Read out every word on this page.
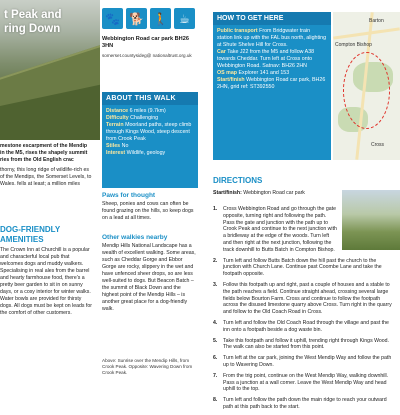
t Peak and
ring Down

mestone escarpment of the Mendip in the M5, rises the shapely summit ries from the Old English crac

thorny, this long ridge of wildlife-rich es of the Mendips, the Somerset Levels, to Wales. fells at least; a million miles

DOG-FRIENDLY AMENITIES
The Crown Inn at Churchill is a popular and characterful local pub that welcomes dogs and muddy walkers. Specialising in real ales from the barrel and hearty farmhouse food, there's a pretty beer garden to sit in on sunny days, or a cosy interior for winter walks. Water bowls are provided for thirsty dogs. All dogs must be kept on leads for the comfort of other customers.
🐾 🐕 🚶 ☕
Webbington Road car park BH26 3HN
somerset.countysideg@ nationaltrust.org.uk
ABOUT THIS WALK
Distance 6 miles (9.7km)
Difficulty Challenging
Terrain Moorland paths, steep climb through Kings Wood, steep descent from Crook Peak
Stiles No
Interest Wildlife, geology
Paws for thought
Sheep, ponies and cows can often be found grazing on the hills, so keep dogs on a lead at all times.
Other walkies nearby
Mendip Hills National Landscape has a wealth of excellent walking. Some areas, such as Cheddar Gorge and Ebbor Gorge are rocky, slippery in the wet and have unfenced sheer drops, so are less well-suited to dogs. But Beacon Batch – the summit of Black Down and the highest point of the Mendip Hills – is another great place for a dog-friendly walk.
Above: Sunrise over the Mendip Hills, from Crook Peak. Opposite: Wavering Down from Crook Peak.
HOW TO GET HERE
Public transport From Bridgwater train station link up with the FAL bus north, alighting at Shute Shelve Hill for Cross.
Car Take J22 from the M5 and follow A38 towards Cheddar. Turn left at Cross onto Webbington Road. Satnav: BH26 2HN
OS map Explorer 141 and 153
Start/finish Webbington Road car park, BH26 2HN, grid ref: ST392550
Barton
Compton Bishop
Cross
DIRECTIONS
Start/finish: Webbington Road car park
1.	Cross Webbington Road and go through the gate opposite, turning right and following the path. Pass the gate and junction with the path up to Crook Peak and continue to the next junction with a bridleway at the edge of the woods. Turn left and then right at the next junction, following the track downhill to Butts Batch in Compton Bishop.
2.	Turn left and follow Butts Batch down the hill past the church to the junction with Church Lane. Continue past Coombe Lane and take the footpath opposite.
3.	Follow this footpath up and right, past a couple of houses and a stable to the path reaches a field. Continue straight ahead, crossing several large fields below Bourton Farm. Cross and continue to follow the footpath across the disused limestone quarry above Cross. Turn right in the quarry and follow to the Old Coach Road in Cross.
4.	Turn left and follow the Old Coach Road through the village and past the inn onto a footpath beside a dog waste bin.
5.	Take this footpath and follow it uphill, trending right through Kings Wood. The walk can also be started from this point.
6.	Turn left at the car park, joining the West Mendip Way and follow the path up to Wavering Down.
7.	From the trig point, continue on the West Mendip Way, walking downhill. Pass a junction at a wall corner. Leave the West Mendip Way and head uphill to the top.
8.	Turn left and follow the path down the main ridge to reach your outward path at this path back to the start.
